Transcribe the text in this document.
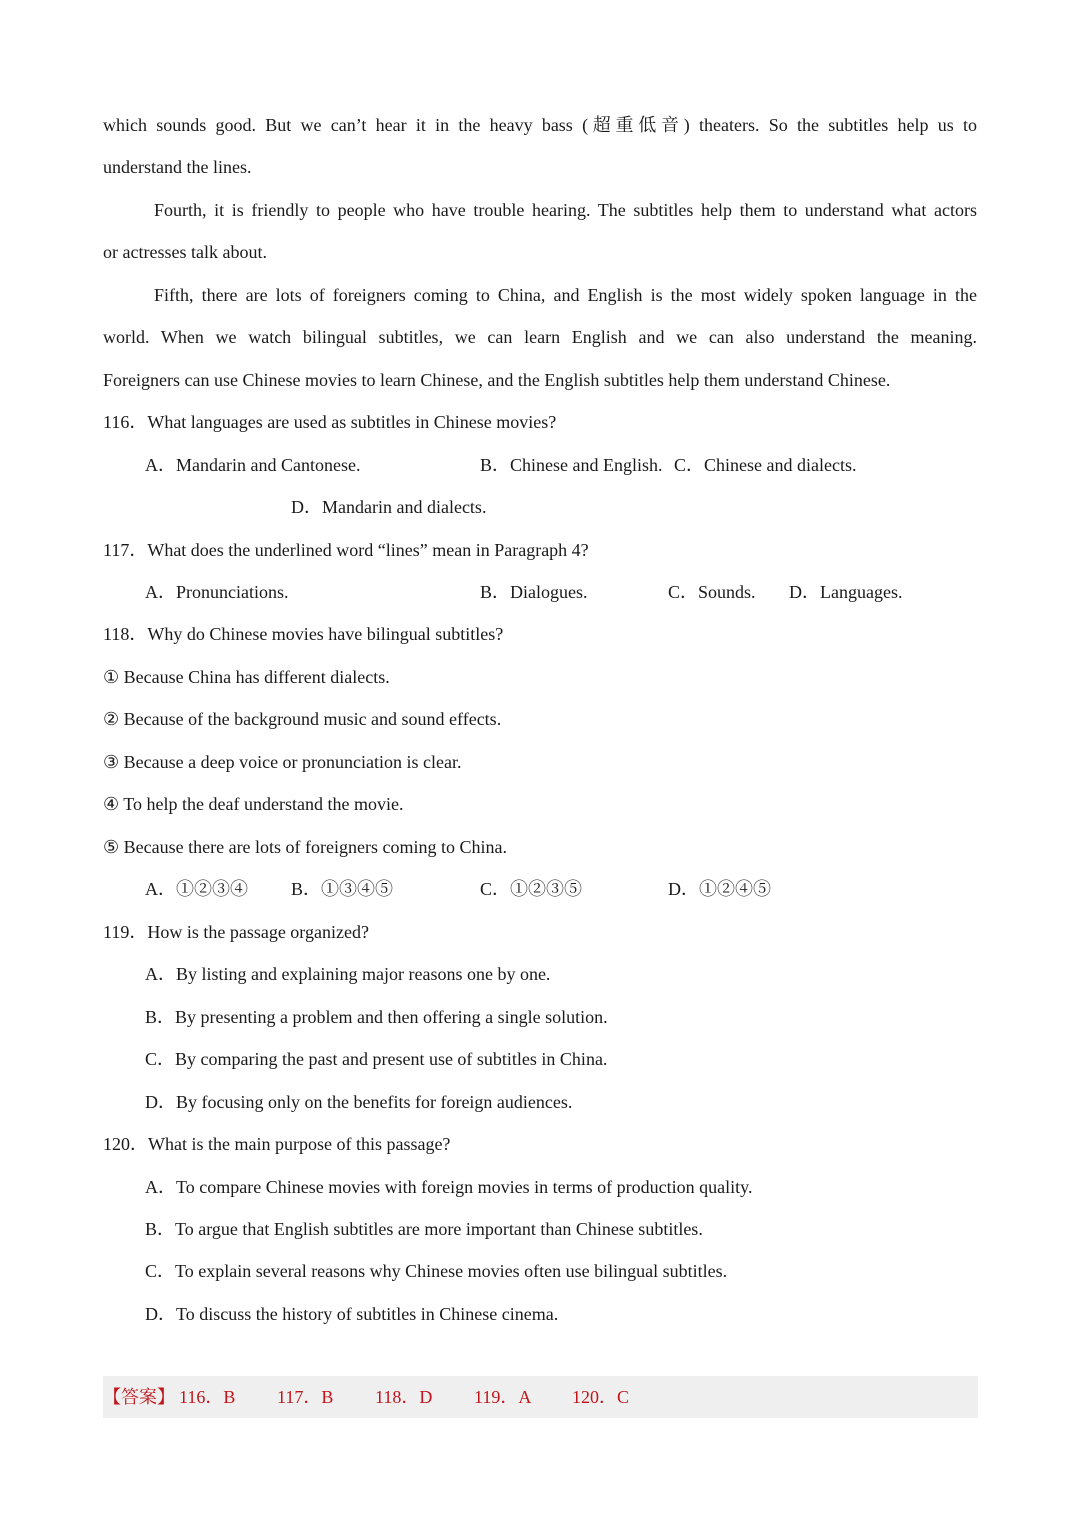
which sounds good. But we can’t hear it in the heavy bass (超重低音) theaters. So the subtitles help us to
understand the lines.
Fourth, it is friendly to people who have trouble hearing. The subtitles help them to understand what actors
or actresses talk about.
Fifth, there are lots of foreigners coming to China, and English is the most widely spoken language in the
world. When we watch bilingual subtitles, we can learn English and we can also understand the meaning.
Foreigners can use Chinese movies to learn Chinese, and the English subtitles help them understand Chinese.
116．What languages are used as subtitles in Chinese movies?
A．Mandarin and Cantonese.	B．Chinese and English. C．Chinese and dialects.
D．Mandarin and dialects.
117．What does the underlined word “lines” mean in Paragraph 4?
A．Pronunciations.	B．Dialogues.	C．Sounds. D．Languages.
118．Why do Chinese movies have bilingual subtitles?
① Because China has different dialects.
② Because of the background music and sound effects.
③ Because a deep voice or pronunciation is clear.
④ To help the deaf understand the movie.
⑤ Because there are lots of foreigners coming to China.
A．①②③④ B．①③④⑤	C．①②③⑤	D．①②④⑤
119．How is the passage organized?
A．By listing and explaining major reasons one by one.
B．By presenting a problem and then offering a single solution.
C．By comparing the past and present use of subtitles in China.
D．By focusing only on the benefits for foreign audiences.
120．What is the main purpose of this passage?
A．To compare Chinese movies with foreign movies in terms of production quality.
B．To argue that English subtitles are more important than Chinese subtitles.
C．To explain several reasons why Chinese movies often use bilingual subtitles.
D．To discuss the history of subtitles in Chinese cinema.
【答案】 116．B 117．B 118．D 119．A 120．C
